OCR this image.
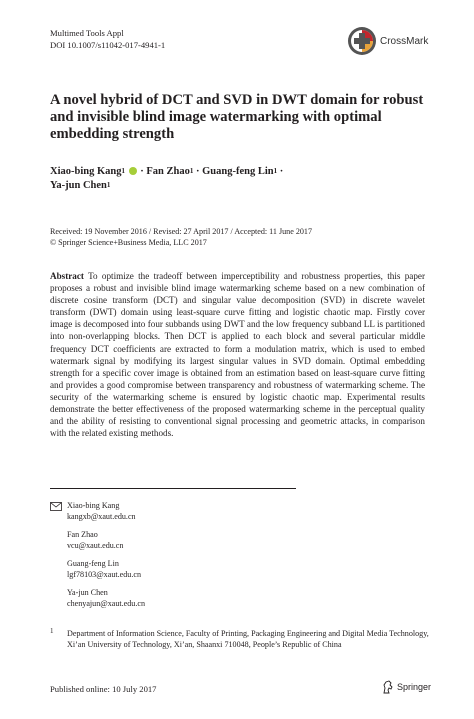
Multimed Tools Appl
DOI 10.1007/s11042-017-4941-1	CrossMark
A novel hybrid of DCT and SVD in DWT domain for robust and invisible blind image watermarking with optimal embedding strength
Xiao-bing Kang$^1$  · Fan Zhao$^1$ · Guang-feng Lin$^1$ ·
Ya-jun Chen$^1$
Received: 19 November 2016 / Revised: 27 April 2017 / Accepted: 11 June 2017
© Springer Science+Business Media, LLC 2017
Abstract To optimize the tradeoff between imperceptibility and robustness properties, this paper proposes a robust and invisible blind image watermarking scheme based on a new combination of discrete cosine transform (DCT) and singular value decomposition (SVD) in discrete wavelet transform (DWT) domain using least-square curve fitting and logistic chaotic map. Firstly cover image is decomposed into four subbands using DWT and the low frequency subband LL is partitioned into non-overlapping blocks. Then DCT is applied to each block and several particular middle frequency DCT coefficients are extracted to form a modulation matrix, which is used to embed watermark signal by modifying its largest singular values in SVD domain. Optimal embedding strength for a specific cover image is obtained from an estimation based on least-square curve fitting and provides a good compromise between transparency and robustness of watermarking scheme. The security of the watermarking scheme is ensured by logistic chaotic map. Experimental results demonstrate the better effectiveness of the proposed watermarking scheme in the perceptual quality and the ability of resisting to conventional signal processing and geometric attacks, in comparison with the related existing methods.
Xiao-bing Kang
kangxb@xaut.edu.cn
Fan Zhao
vcu@xaut.edu.cn
Guang-feng Lin
lgf78103@xaut.edu.cn
Ya-jun Chen
chenyajun@xaut.edu.cn
1 Department of Information Science, Faculty of Printing, Packaging Engineering and Digital Media Technology, Xi’an University of Technology, Xi’an, Shaanxi 710048, People’s Republic of China
Published online: 10 July 2017	Springer
